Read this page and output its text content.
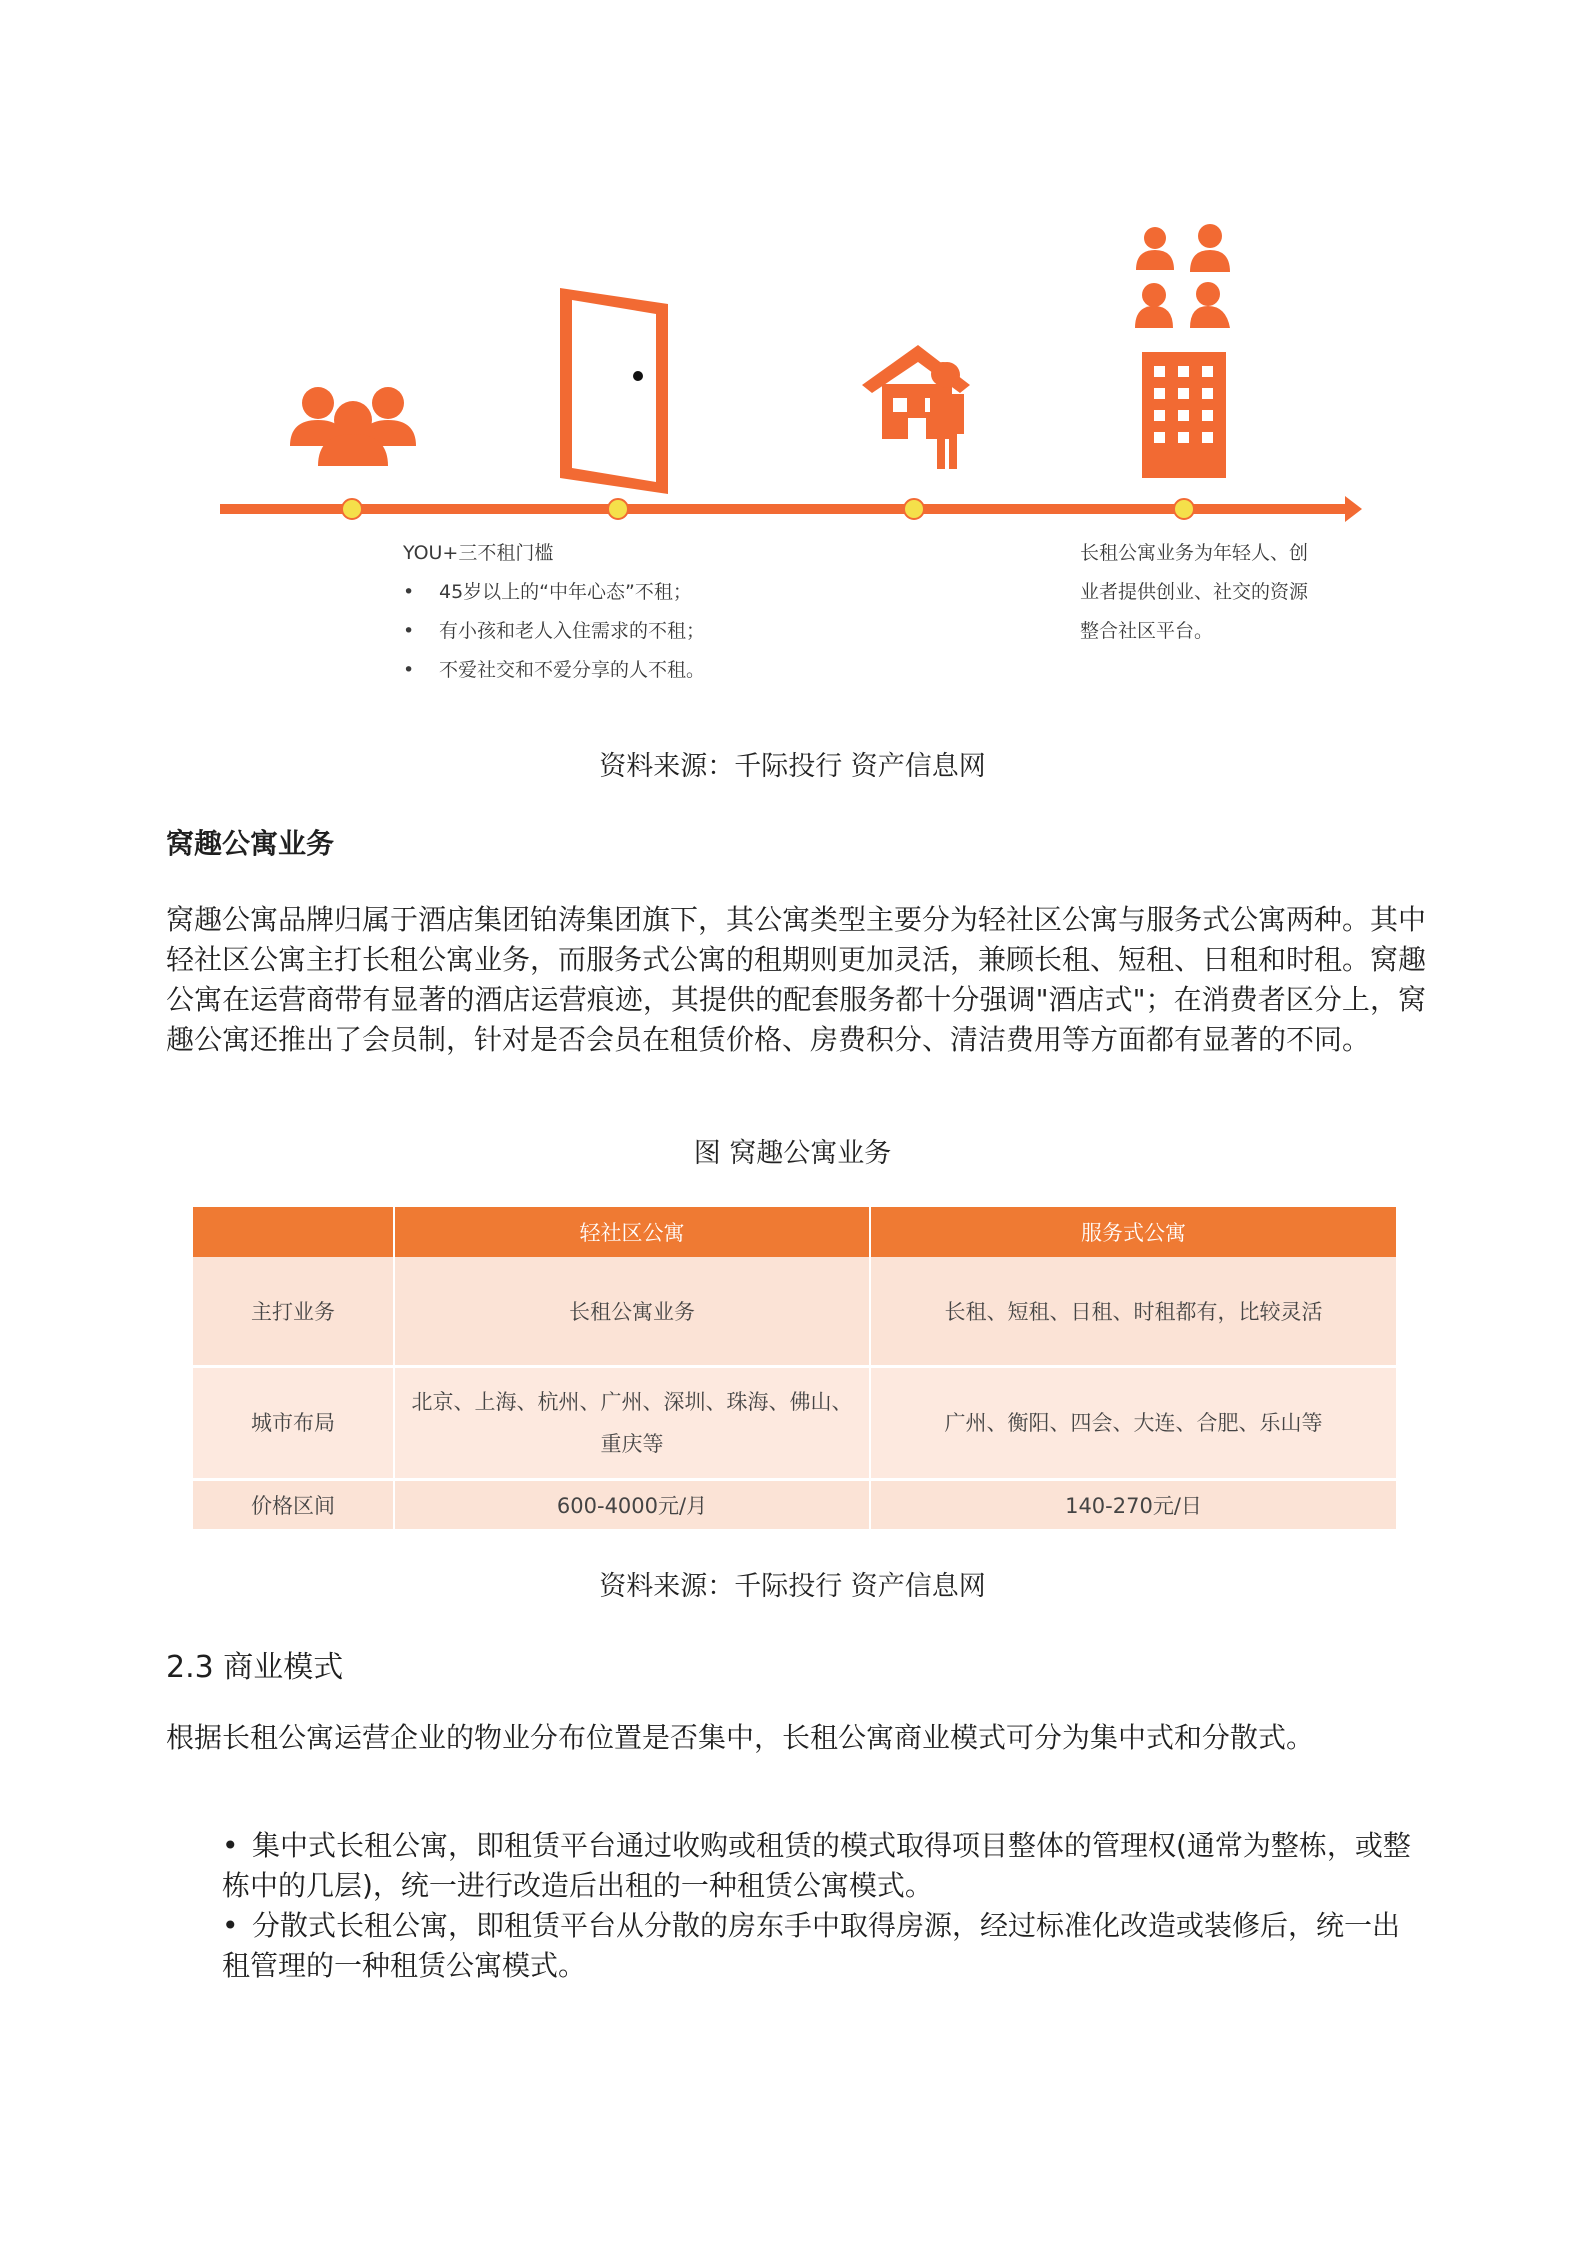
YOU+三不租门槛
• 45岁以上的“中年心态”不租；
• 有小孩和老人入住需求的不租；
• 不爱社交和不爱分享的人不租。
长租公寓业务为年轻人、创
业者提供创业、社交的资源
整合社区平台。
资料来源：千际投行 资产信息网
窝趣公寓业务
窝趣公寓品牌归属于酒店集团铂涛集团旗下，其公寓类型主要分为轻社区公寓与服务式公寓两种。其中轻社区公寓主打长租公寓业务，而服务式公寓的租期则更加灵活，兼顾长租、短租、日租和时租。窝趣公寓在运营商带有显著的酒店运营痕迹，其提供的配套服务都十分强调"酒店式"；在消费者区分上，窝趣公寓还推出了会员制，针对是否会员在租赁价格、房费积分、清洁费用等方面都有显著的不同。
图 窝趣公寓业务
	轻社区公寓	服务式公寓
主打业务	长租公寓业务	长租、短租、日租、时租都有，比较灵活
城市布局	北京、上海、杭州、广州、深圳、珠海、佛山、重庆等	广州、衡阳、四会、大连、合肥、乐山等
价格区间	600-4000元/月	140-270元/日
资料来源：千际投行 资产信息网
2.3 商业模式
根据长租公寓运营企业的物业分布位置是否集中，长租公寓商业模式可分为集中式和分散式。
• 集中式长租公寓，即租赁平台通过收购或租赁的模式取得项目整体的管理权(通常为整栋，或整栋中的几层)，统一进行改造后出租的一种租赁公寓模式。
• 分散式长租公寓，即租赁平台从分散的房东手中取得房源，经过标准化改造或装修后，统一出租管理的一种租赁公寓模式。
